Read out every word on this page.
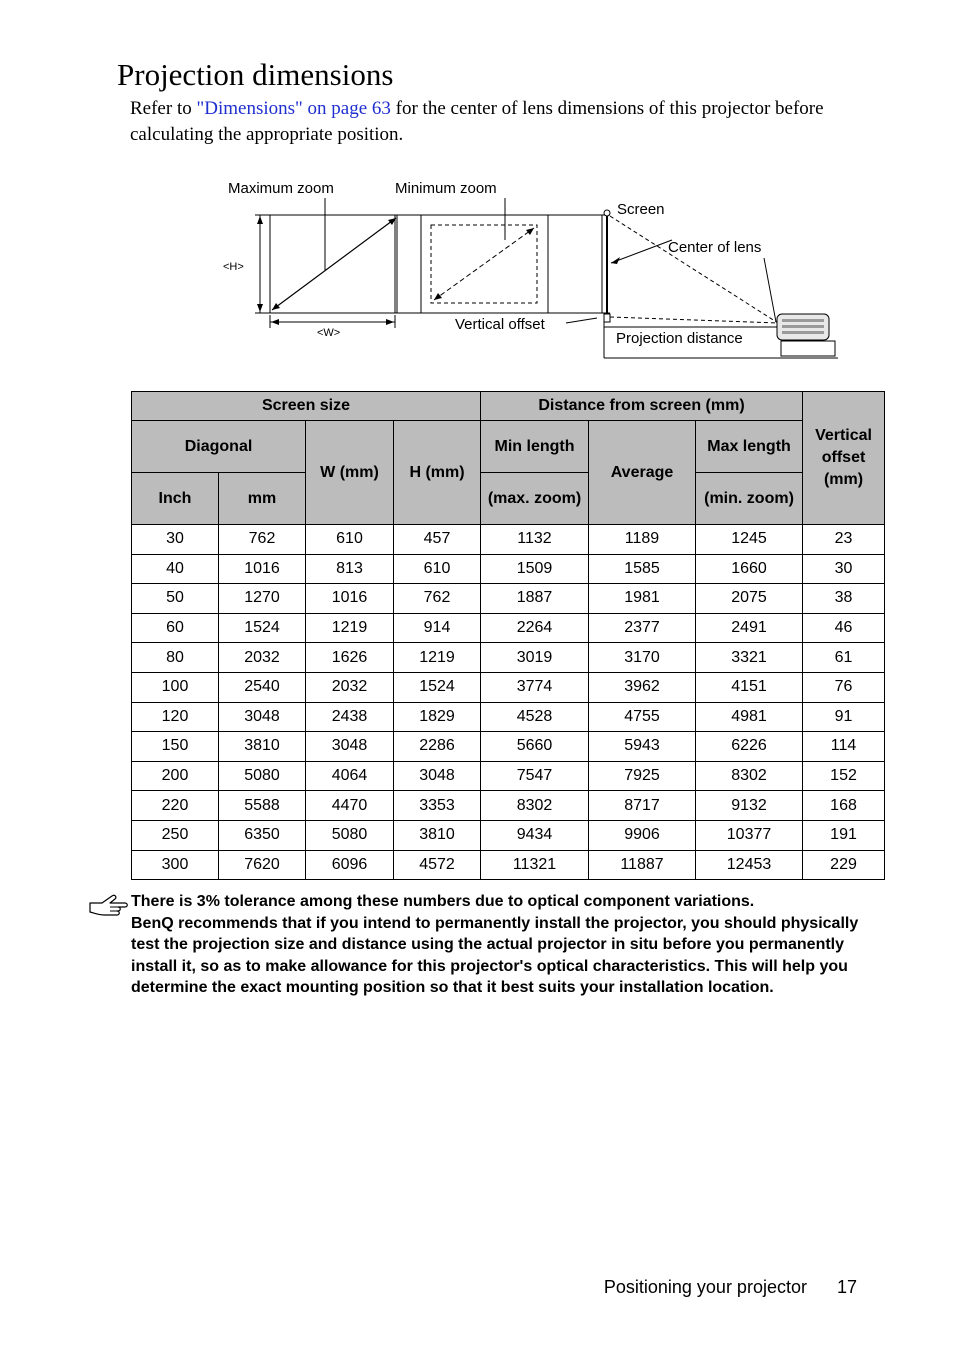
Projection dimensions

Refer to "Dimensions" on page 63 for the center of lens dimensions of this projector before calculating the appropriate position.

<H>
<W>
Maximum zoom	Minimum zoom
Screen
Center of lens
Vertical offset
Projection distance
Screen size				Distance from screen (mm)			Vertical offset (mm)
Diagonal		W (mm)	H (mm)	Min length	Average	Max length	
Inch	mm			(max. zoom)		(min. zoom)	
30	762	610	457	1132	1189	1245	23
40	1016	813	610	1509	1585	1660	30
50	1270	1016	762	1887	1981	2075	38
60	1524	1219	914	2264	2377	2491	46
80	2032	1626	1219	3019	3170	3321	61
100	2540	2032	1524	3774	3962	4151	76
120	3048	2438	1829	4528	4755	4981	91
150	3810	3048	2286	5660	5943	6226	114
200	5080	4064	3048	7547	7925	8302	152
220	5588	4470	3353	8302	8717	9132	168
250	6350	5080	3810	9434	9906	10377	191
300	7620	6096	4572	11321	11887	12453	229

There is 3% tolerance among these numbers due to optical component variations.

BenQ recommends that if you intend to permanently install the projector, you should physically test the projection size and distance using the actual projector in situ before you permanently install it, so as to make allowance for this projector's optical characteristics. This will help you determine the exact mounting position so that it best suits your installation location.

Positioning your projector 17
